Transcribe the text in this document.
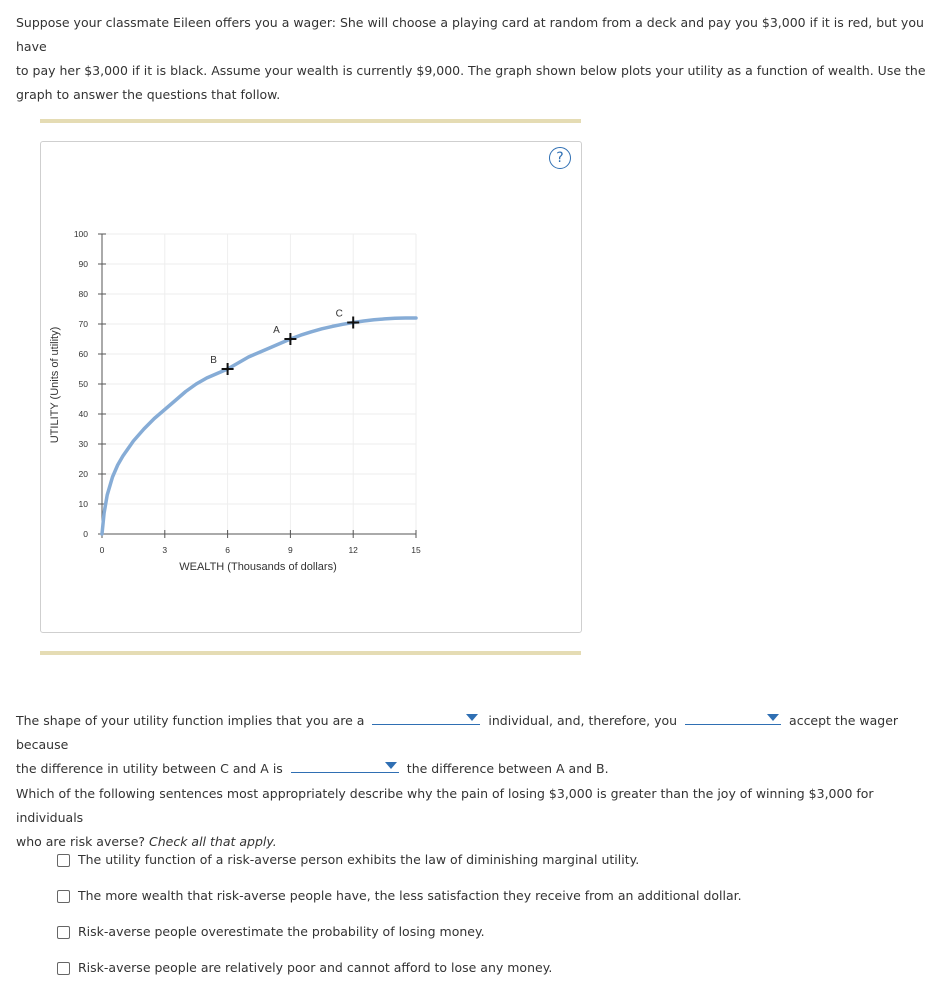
Suppose your classmate Eileen offers you a wager: She will choose a playing card at random from a deck and pay you $3,000 if it is red, but you have
to pay her $3,000 if it is black. Assume your wealth is currently $9,000. The graph shown below plots your utility as a function of wealth. Use the
graph to answer the questions that follow.
?
0
10
20
30
40
50
60
70
80
90
100
0	3	6	9	12	15
B
A
C
WEALTH (Thousands of dollars)
UTILITY (Units of utility)
The shape of your utility function implies that you are a	individual, and, therefore, you	accept the wager because
the difference in utility between C and A is	the difference between A and B.
Which of the following sentences most appropriately describe why the pain of losing $3,000 is greater than the joy of winning $3,000 for individuals
who are risk averse? Check all that apply.
The utility function of a risk-averse person exhibits the law of diminishing marginal utility.
The more wealth that risk-averse people have, the less satisfaction they receive from an additional dollar.
Risk-averse people overestimate the probability of losing money.
Risk-averse people are relatively poor and cannot afford to lose any money.
